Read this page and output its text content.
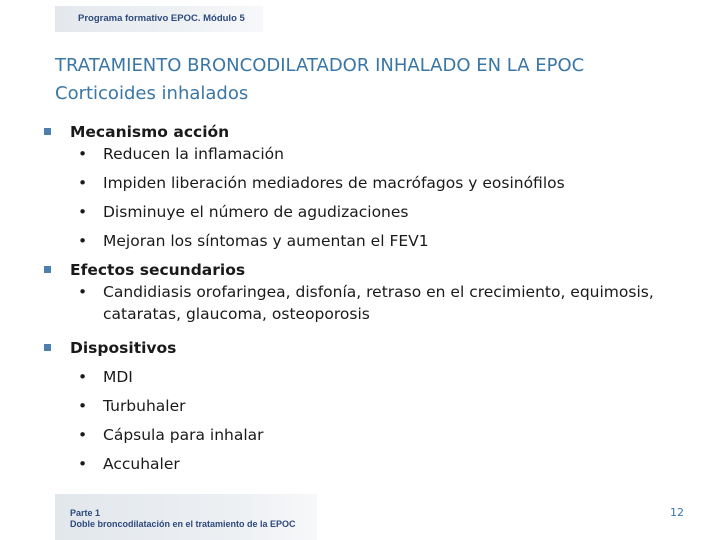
Programa formativo EPOC. Módulo 5
TRATAMIENTO BRONCODILATADOR INHALADO EN LA EPOC
Corticoides inhalados
Mecanismo acción
• Reducen la inflamación
• Impiden liberación mediadores de macrófagos y eosinófilos
• Disminuye el número de agudizaciones
• Mejoran los síntomas y aumentan el FEV1
Efectos secundarios
• Candidiasis orofaringea, disfonía, retraso en el crecimiento, equimosis, cataratas, glaucoma, osteoporosis
Dispositivos
• MDI
• Turbuhaler
• Cápsula para inhalar
• Accuhaler
Parte 1
Doble broncodilatación en el tratamiento de la EPOC
12
